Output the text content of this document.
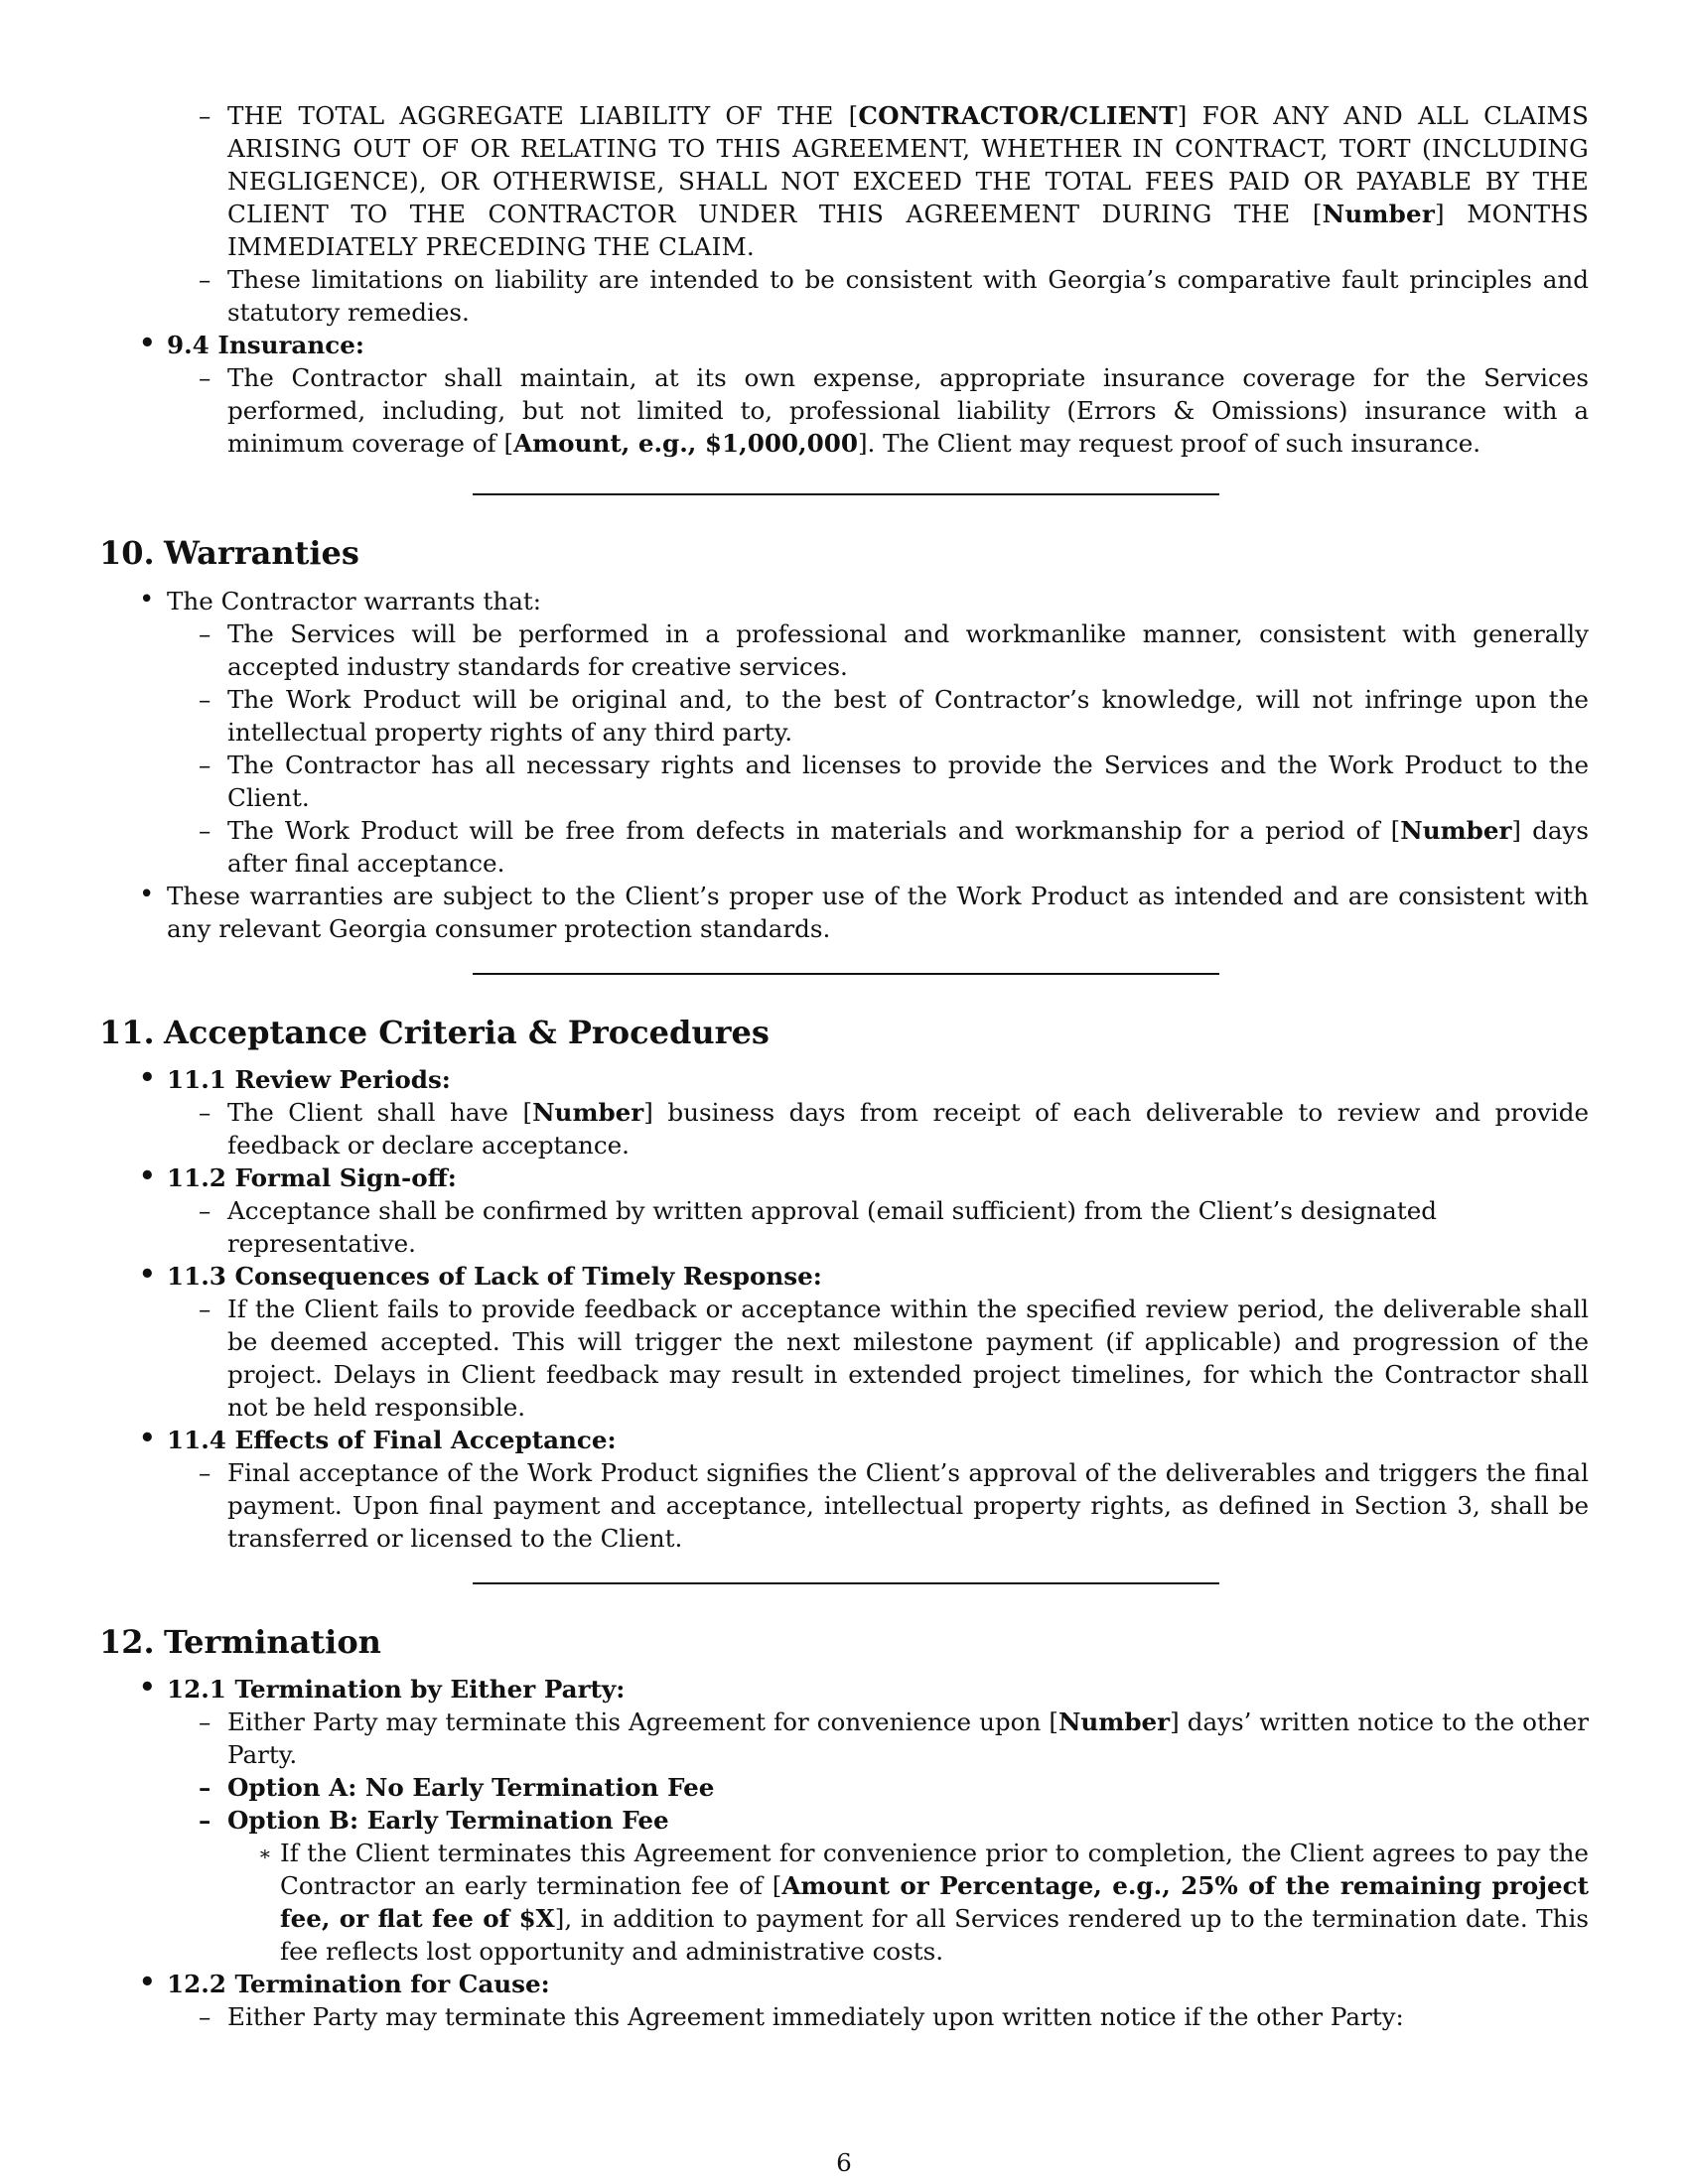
– THE TOTAL AGGREGATE LIABILITY OF THE [CONTRACTOR/CLIENT] FOR ANY AND ALL CLAIMS ARISING OUT OF OR RELATING TO THIS AGREEMENT, WHETHER IN CONTRACT, TORT (INCLUDING NEGLIGENCE), OR OTHERWISE, SHALL NOT EXCEED THE TOTAL FEES PAID OR PAYABLE BY THE CLIENT TO THE CONTRACTOR UNDER THIS AGREEMENT DURING THE [Number] MONTHS IMMEDIATELY PRECEDING THE CLAIM.
– These limitations on liability are intended to be consistent with Georgia’s comparative fault principles and statutory remedies.
• 9.4 Insurance:
– The Contractor shall maintain, at its own expense, appropriate insurance coverage for the Services performed, including, but not limited to, professional liability (Errors & Omissions) insurance with a minimum coverage of [Amount, e.g., $1,000,000]. The Client may request proof of such insurance.
10. Warranties
• The Contractor warrants that:
– The Services will be performed in a professional and workmanlike manner, consistent with generally accepted industry standards for creative services.
– The Work Product will be original and, to the best of Contractor’s knowledge, will not infringe upon the intellectual property rights of any third party.
– The Contractor has all necessary rights and licenses to provide the Services and the Work Product to the Client.
– The Work Product will be free from defects in materials and workmanship for a period of [Number] days after final acceptance.
• These warranties are subject to the Client’s proper use of the Work Product as intended and are consistent with any relevant Georgia consumer protection standards.
11. Acceptance Criteria & Procedures
• 11.1 Review Periods:
– The Client shall have [Number] business days from receipt of each deliverable to review and provide feedback or declare acceptance.
• 11.2 Formal Sign-off:
– Acceptance shall be confirmed by written approval (email sufficient) from the Client’s designated representative.
• 11.3 Consequences of Lack of Timely Response:
– If the Client fails to provide feedback or acceptance within the specified review period, the deliverable shall be deemed accepted. This will trigger the next milestone payment (if applicable) and progression of the project. Delays in Client feedback may result in extended project timelines, for which the Contractor shall not be held responsible.
• 11.4 Effects of Final Acceptance:
– Final acceptance of the Work Product signifies the Client’s approval of the deliverables and triggers the final payment. Upon final payment and acceptance, intellectual property rights, as defined in Section 3, shall be transferred or licensed to the Client.
12. Termination
• 12.1 Termination by Either Party:
– Either Party may terminate this Agreement for convenience upon [Number] days’ written notice to the other Party.
– Option A: No Early Termination Fee
– Option B: Early Termination Fee
∗ If the Client terminates this Agreement for convenience prior to completion, the Client agrees to pay the Contractor an early termination fee of [Amount or Percentage, e.g., 25% of the remaining project fee, or flat fee of $X], in addition to payment for all Services rendered up to the termination date. This fee reflects lost opportunity and administrative costs.
• 12.2 Termination for Cause:
– Either Party may terminate this Agreement immediately upon written notice if the other Party:
6
